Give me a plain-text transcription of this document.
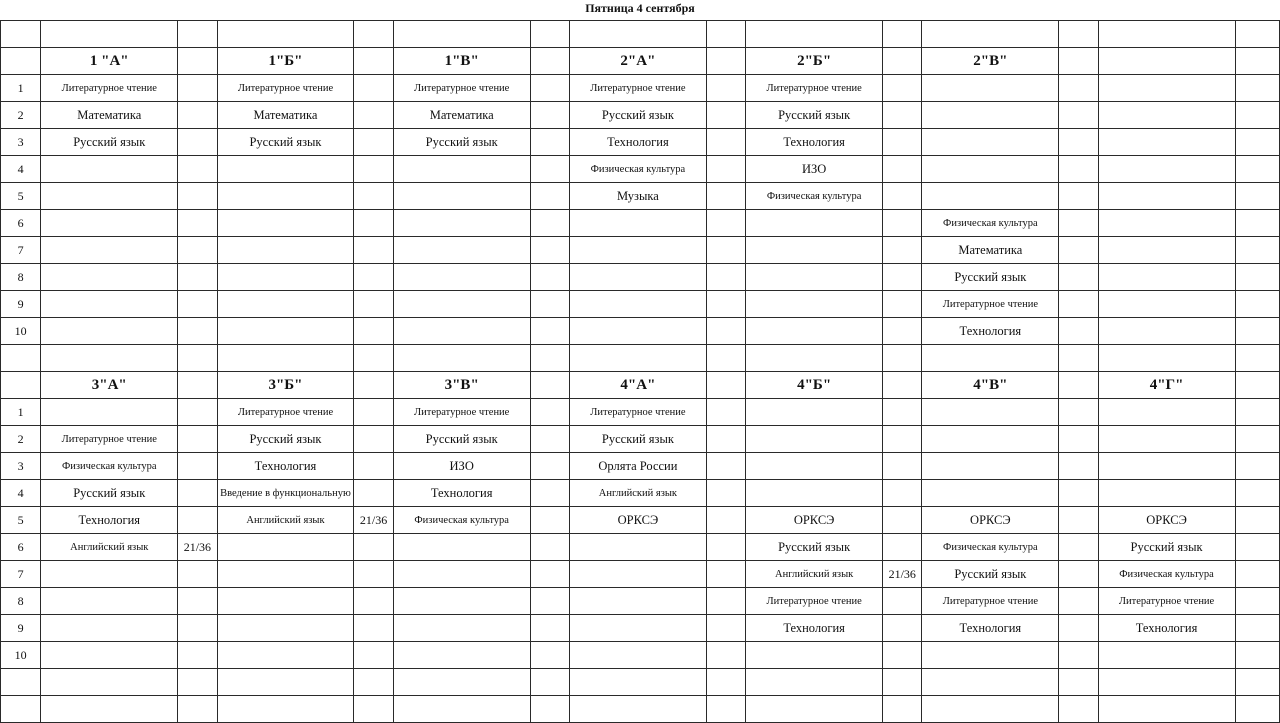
Пятница 4 сентября

	1 "А"		1"Б"		1"В"		2"А"		2"Б"		2"В"			
1	Литературное чтение		Литературное чтение		Литературное чтение		Литературное чтение		Литературное чтение					
2	Математика		Математика		Математика		Русский язык		Русский язык					
3	Русский язык		Русский язык		Русский язык		Технология		Технология					
4							Физическая культура		ИЗО					
5							Музыка		Физическая культура					
6											Физическая культура			
7											Математика			
8											Русский язык			
9											Литературное чтение			
10											Технология			

	3"А"		3"Б"		3"В"		4"А"		4"Б"		4"В"		4"Г"	
1			Литературное чтение		Литературное чтение		Литературное чтение							
2	Литературное чтение		Русский язык		Русский язык		Русский язык							
3	Физическая культура		Технология		ИЗО		Орлята России							
4	Русский язык		Введение в функциональную		Технология		Английский язык							
5	Технология		Английский язык	21/36	Физическая культура		ОРКСЭ		ОРКСЭ		ОРКСЭ		ОРКСЭ	
6	Английский язык	21/36							Русский язык		Физическая культура		Русский язык	
7									Английский язык	21/36	Русский язык		Физическая культура	
8									Литературное чтение		Литературное чтение		Литературное чтение	
9									Технология		Технология		Технология	
10														
